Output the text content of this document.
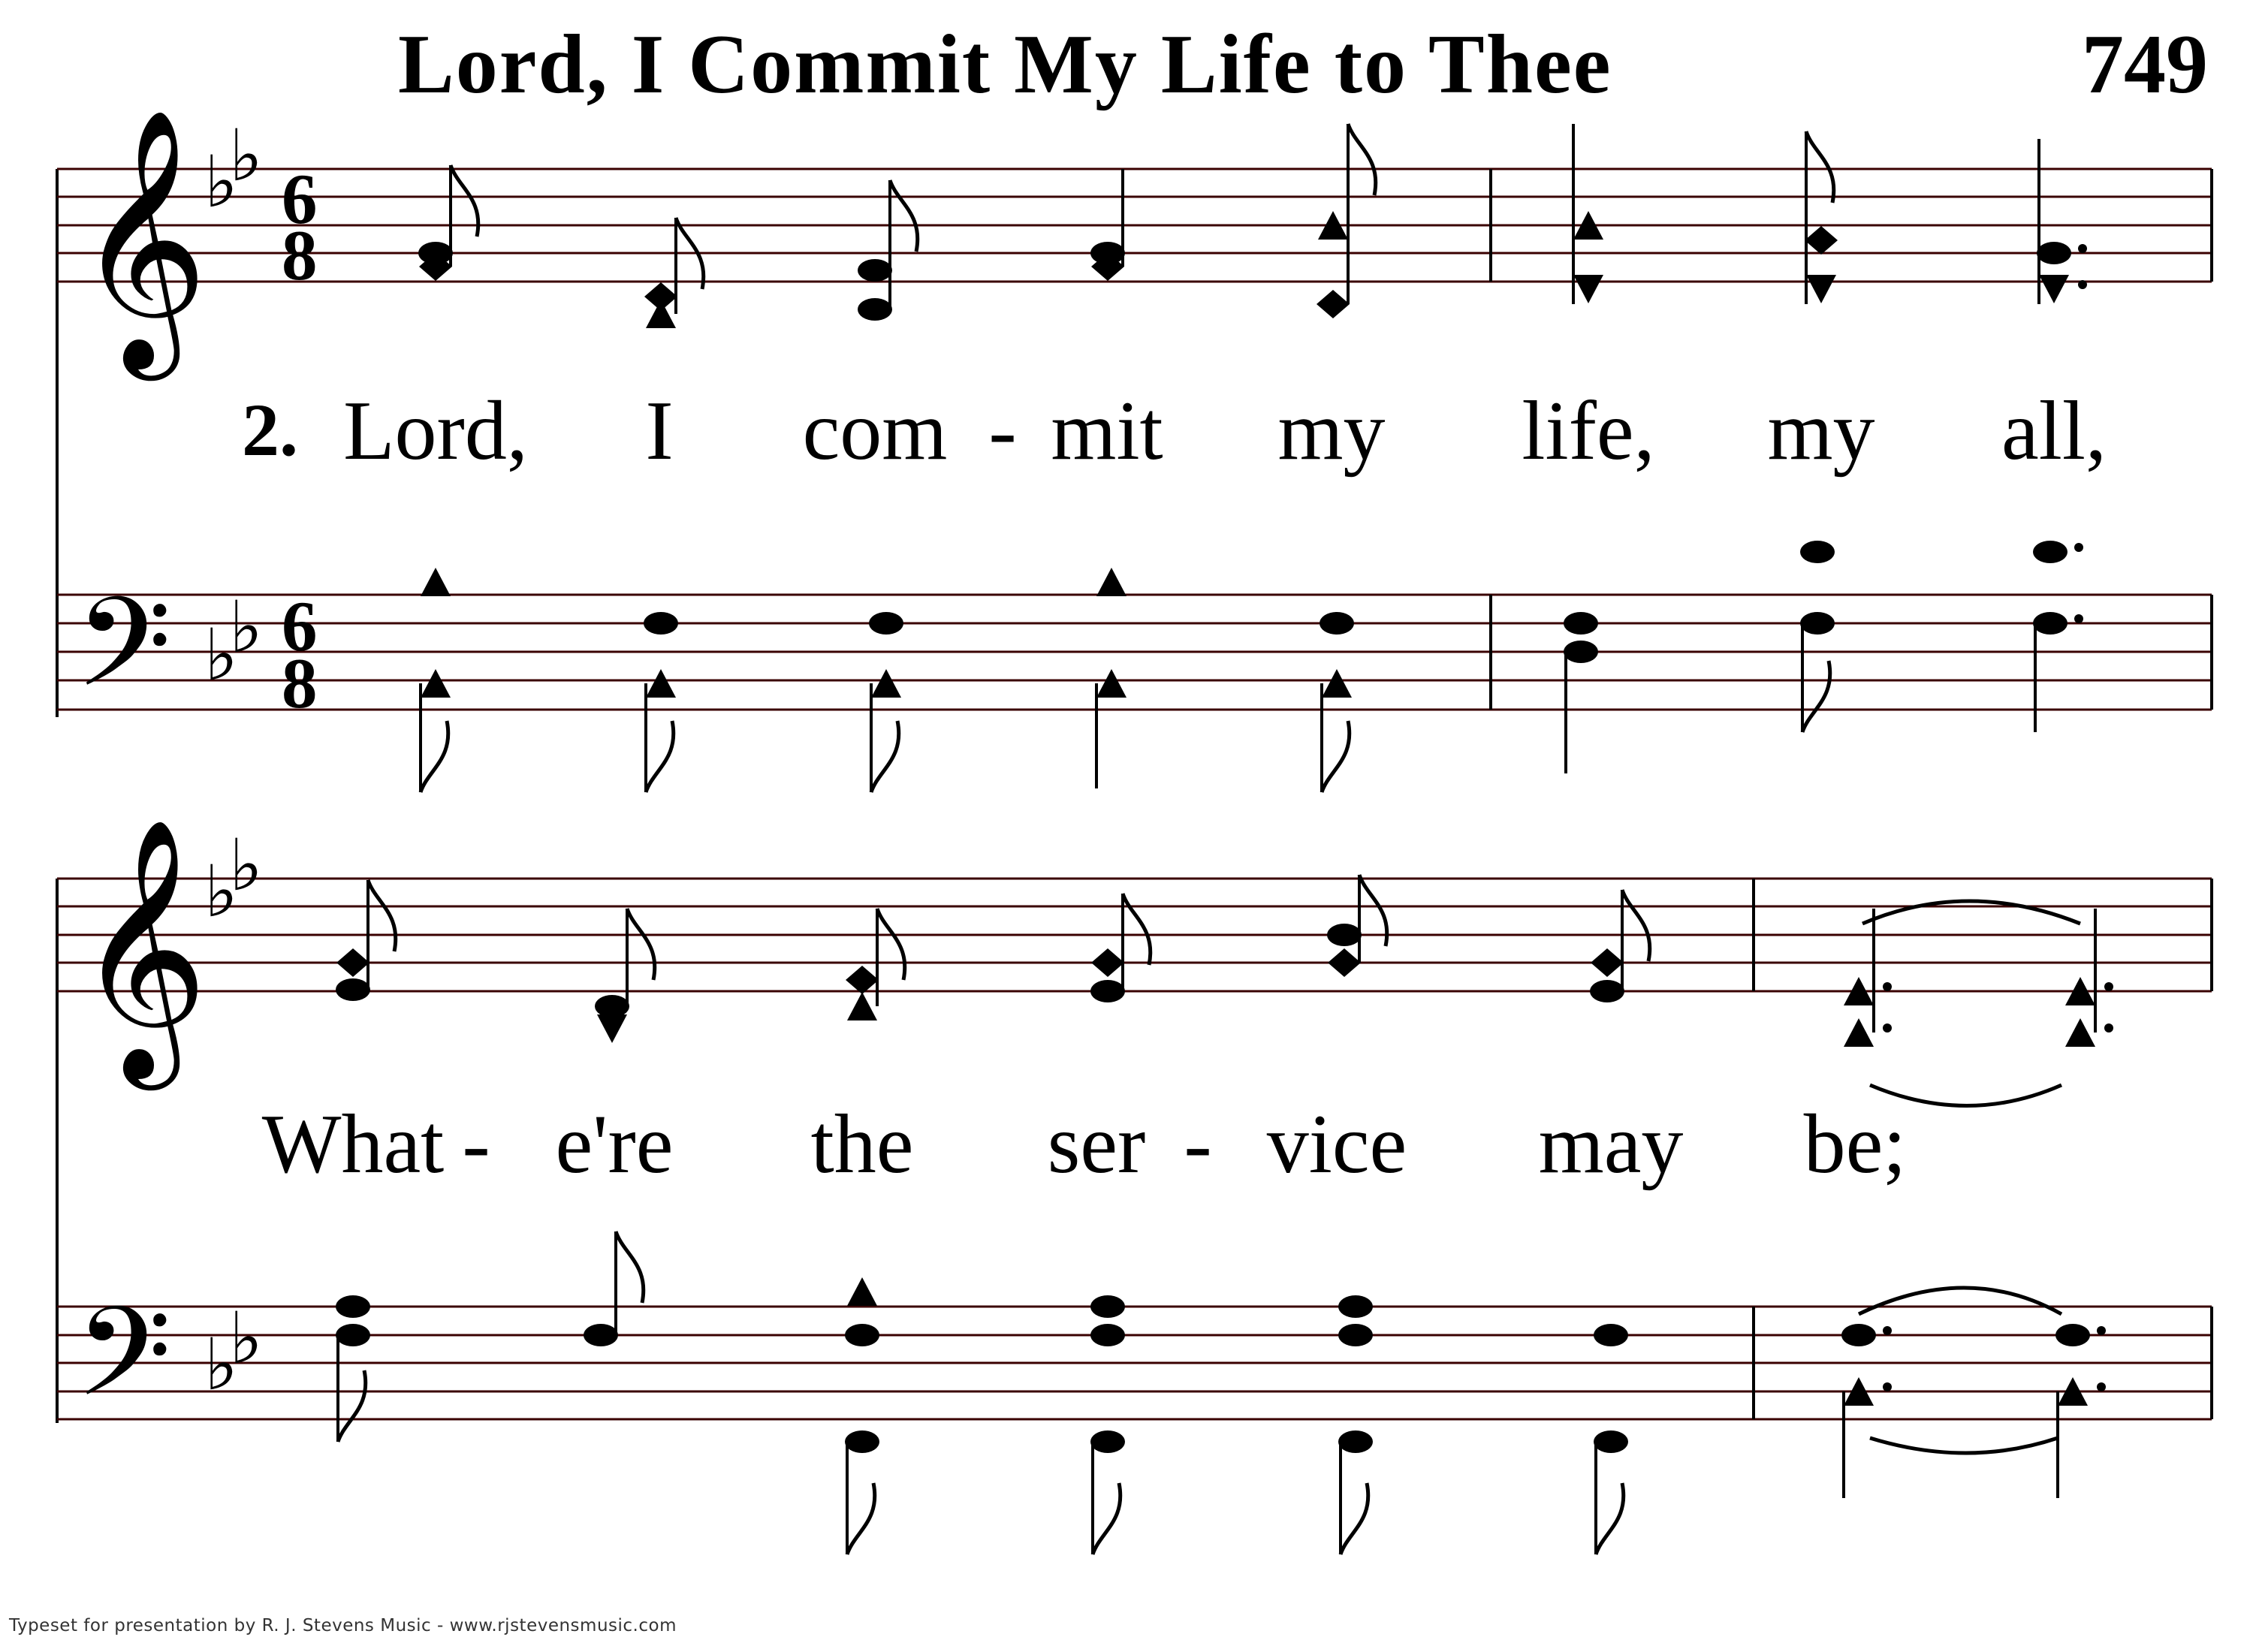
Lord, I Commit My Life to Thee	749
𝄞
𝄢
𝄞
𝄢
♭
♭
♭
♭
♭
♭
♭
♭
6
8
6
8
2. Lord, I com - mit my life, my all,
What - e're the ser - vice may be;
Typeset for presentation by R. J. Stevens Music - www.rjstevensmusic.com
